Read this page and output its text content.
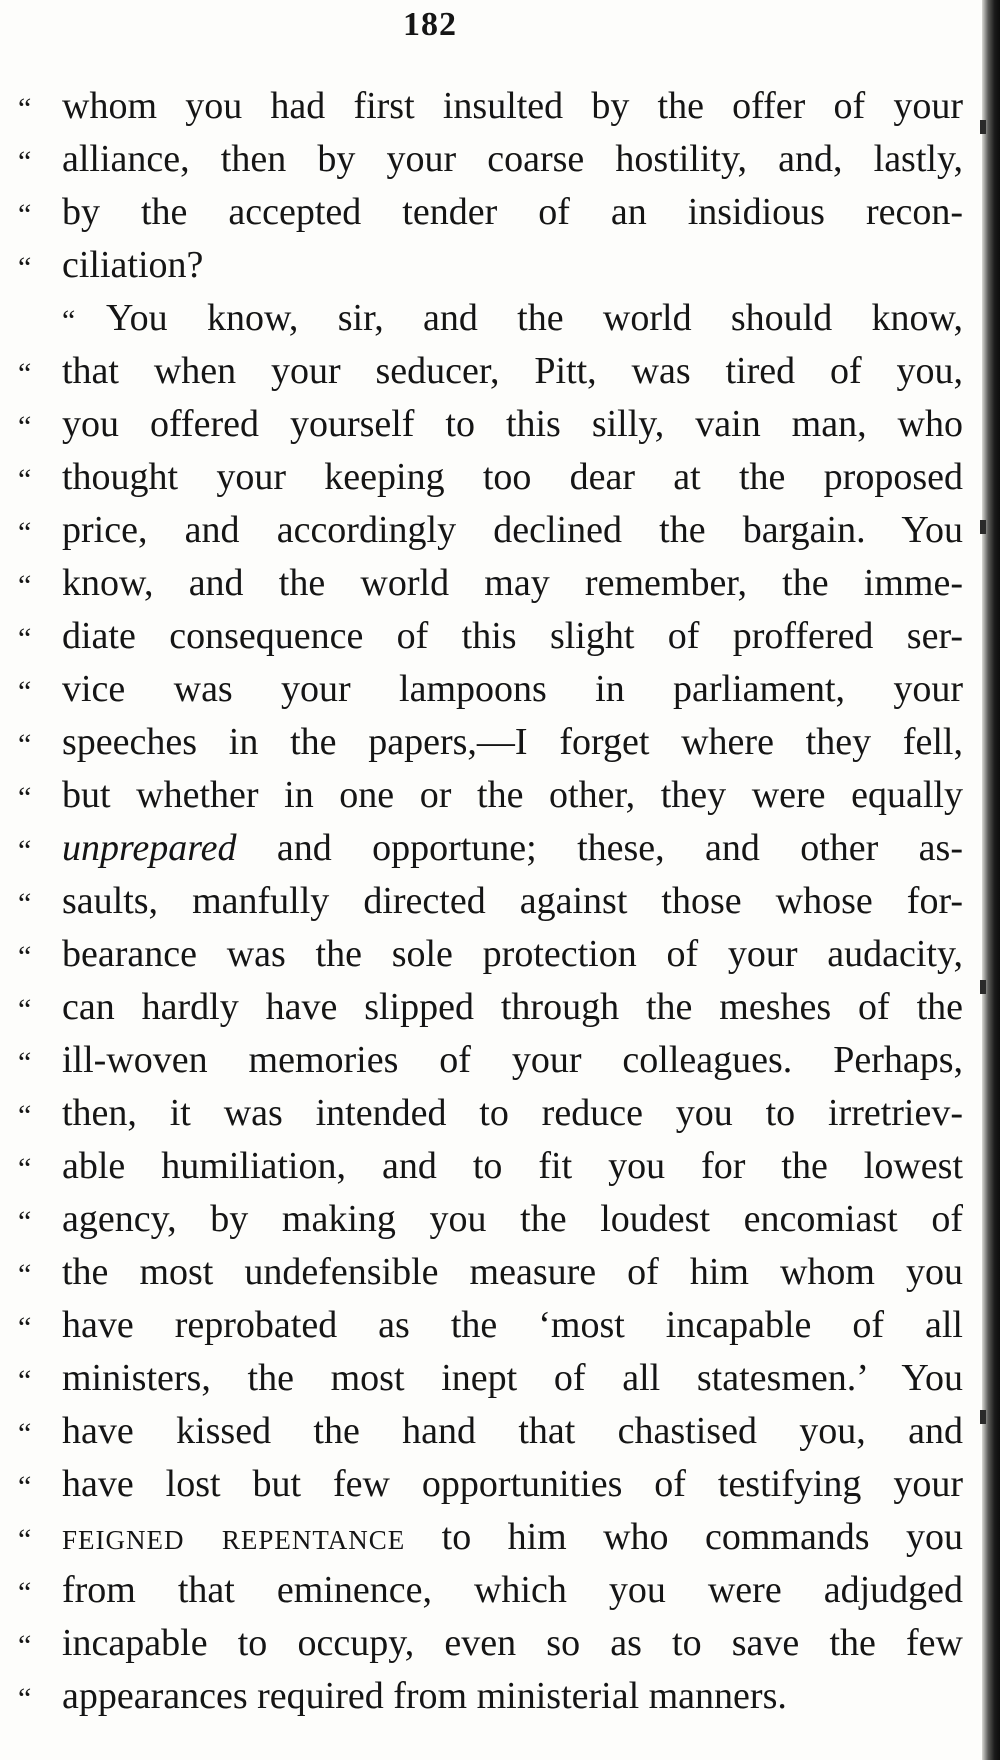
182
“ whom you had first insulted by the offer of your
“ alliance, then by your coarse hostility, and, lastly,
“ by the accepted tender of an insidious recon-
“ ciliation?
“ You know, sir, and the world should know,
“ that when your seducer, Pitt, was tired of you,
“ you offered yourself to this silly, vain man, who
“ thought your keeping too dear at the proposed
“ price, and accordingly declined the bargain. You
“ know, and the world may remember, the imme-
“ diate consequence of this slight of proffered ser-
“ vice was your lampoons in parliament, your
“ speeches in the papers,—I forget where they fell,
“ but whether in one or the other, they were equally
“ unprepared and opportune; these, and other as-
“ saults, manfully directed against those whose for-
“ bearance was the sole protection of your audacity,
“ can hardly have slipped through the meshes of the
“ ill-woven memories of your colleagues. Perhaps,
“ then, it was intended to reduce you to irretriev-
“ able humiliation, and to fit you for the lowest
“ agency, by making you the loudest encomiast of
“ the most undefensible measure of him whom you
“ have reprobated as the ‘most incapable of all
“ ministers, the most inept of all statesmen.’ You
“ have kissed the hand that chastised you, and
“ have lost but few opportunities of testifying your
“ feigned repentance to him who commands you
“ from that eminence, which you were adjudged
“ incapable to occupy, even so as to save the few
“ appearances required from ministerial manners.
